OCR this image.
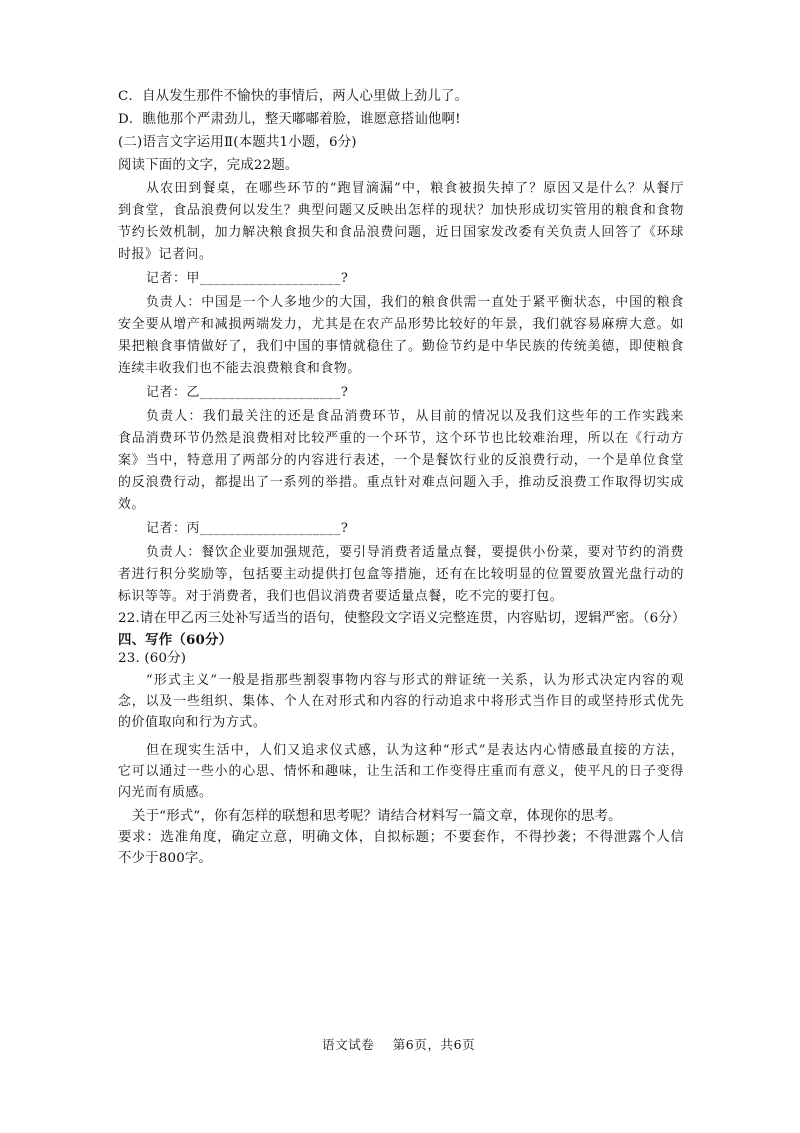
C．自从发生那件不愉快的事情后，两人心里做上劲儿了。
D．瞧他那个严肃劲儿，整天嘟嘟着脸，谁愿意搭讪他啊!
(二)语言文字运用Ⅱ(本题共1小题，6分)
阅读下面的文字，完成22题。
从农田到餐桌，在哪些环节的“跑冒滴漏”中，粮食被损失掉了？原因又是什么？从餐厅
到食堂，食品浪费何以发生？典型问题又反映出怎样的现状？加快形成切实管用的粮食和食物
节约长效机制，加力解决粮食损失和食品浪费问题，近日国家发改委有关负责人回答了《环球
时报》记者问。
记者：甲____________________?
负责人：中国是一个人多地少的大国，我们的粮食供需一直处于紧平衡状态，中国的粮食
安全要从增产和减损两端发力，尤其是在农产品形势比较好的年景，我们就容易麻痹大意。如
果把粮食事情做好了，我们中国的事情就稳住了。勤俭节约是中华民族的传统美德，即使粮食
连续丰收我们也不能去浪费粮食和食物。
记者：乙____________________?
负责人：我们最关注的还是食品消费环节，从目前的情况以及我们这些年的工作实践来
食品消费环节仍然是浪费相对比较严重的一个环节，这个环节也比较难治理，所以在《行动方
案》当中，特意用了两部分的内容进行表述，一个是餐饮行业的反浪费行动，一个是单位食堂
的反浪费行动，都提出了一系列的举措。重点针对难点问题入手，推动反浪费工作取得切实成
效。
记者：丙____________________?
负责人：餐饮企业要加强规范，要引导消费者适量点餐，要提供小份菜，要对节约的消费
者进行积分奖励等，包括要主动提供打包盒等措施，还有在比较明显的位置要放置光盘行动的
标识等等。对于消费者，我们也倡议消费者要适量点餐，吃不完的要打包。
22.请在甲乙丙三处补写适当的语句，使整段文字语义完整连贯，内容贴切，逻辑严密。（6分）
四、写作（60分）
23. (60分)
“形式主义”一般是指那些割裂事物内容与形式的辩证统一关系，认为形式决定内容的观
念，以及一些组织、集体、个人在对形式和内容的行动追求中将形式当作目的或坚持形式优先
的价值取向和行为方式。
但在现实生活中，人们又追求仪式感，认为这种“形式”是表达内心情感最直接的方法，
它可以通过一些小的心思、情怀和趣味，让生活和工作变得庄重而有意义，使平凡的日子变得
闪光而有质感。
关于“形式”，你有怎样的联想和思考呢？请结合材料写一篇文章，体现你的思考。
要求：选准角度，确定立意，明确文体，自拟标题；不要套作，不得抄袭；不得泄露个人信
不少于800字。
语文试卷    第6页，共6页
